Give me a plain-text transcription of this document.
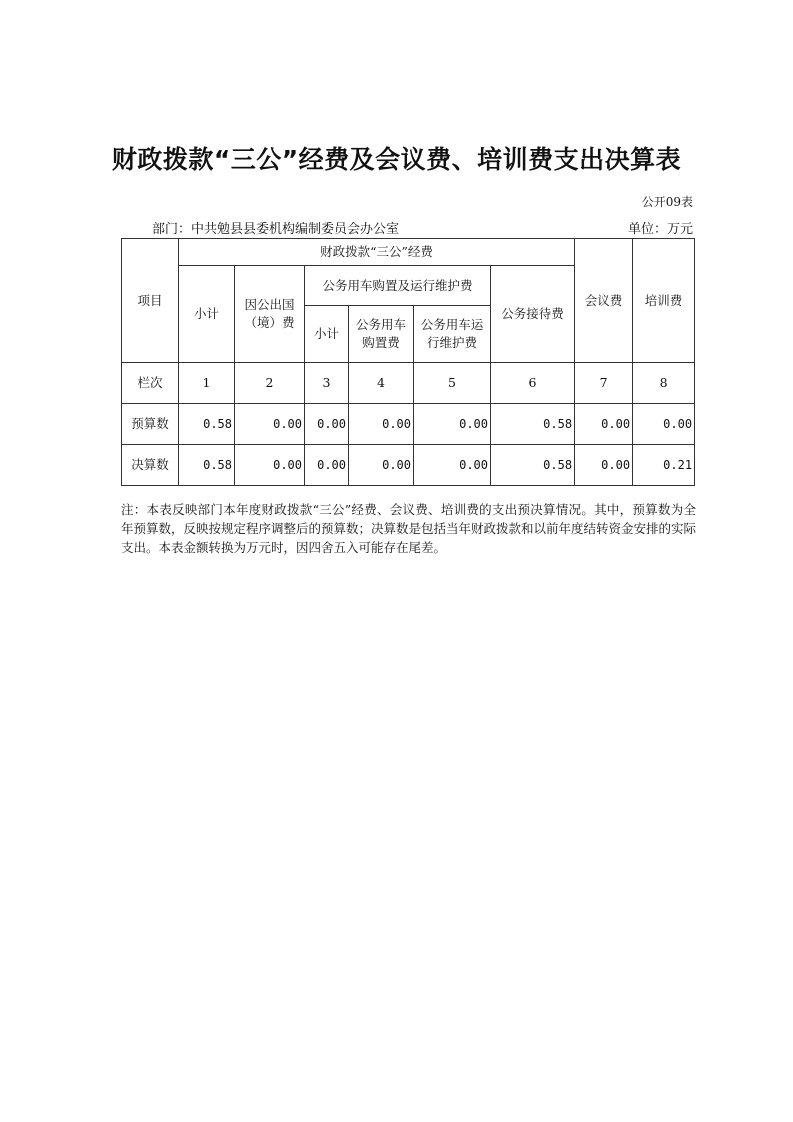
财政拨款“三公”经费及会议费、培训费支出决算表
公开09表
部门：中共勉县县委机构编制委员会办公室	单位：万元
项目	财政拨款“三公”经费						会议费	培训费
	小计	因公出国（境）费	公务用车购置及运行维护费			公务接待费		
			小计	公务用车购置费	公务用车运行维护费			

栏次	1	2	3	4	5	6	7	8
预算数	0.58	0.00	0.00	0.00	0.00	0.58	0.00	0.00
决算数	0.58	0.00	0.00	0.00	0.00	0.58	0.00	0.21
注：本表反映部门本年度财政拨款“三公”经费、会议费、培训费的支出预决算情况。其中，预算数为全年预算数，反映按规定程序调整后的预算数；决算数是包括当年财政拨款和以前年度结转资金安排的实际支出。本表金额转换为万元时，因四舍五入可能存在尾差。
